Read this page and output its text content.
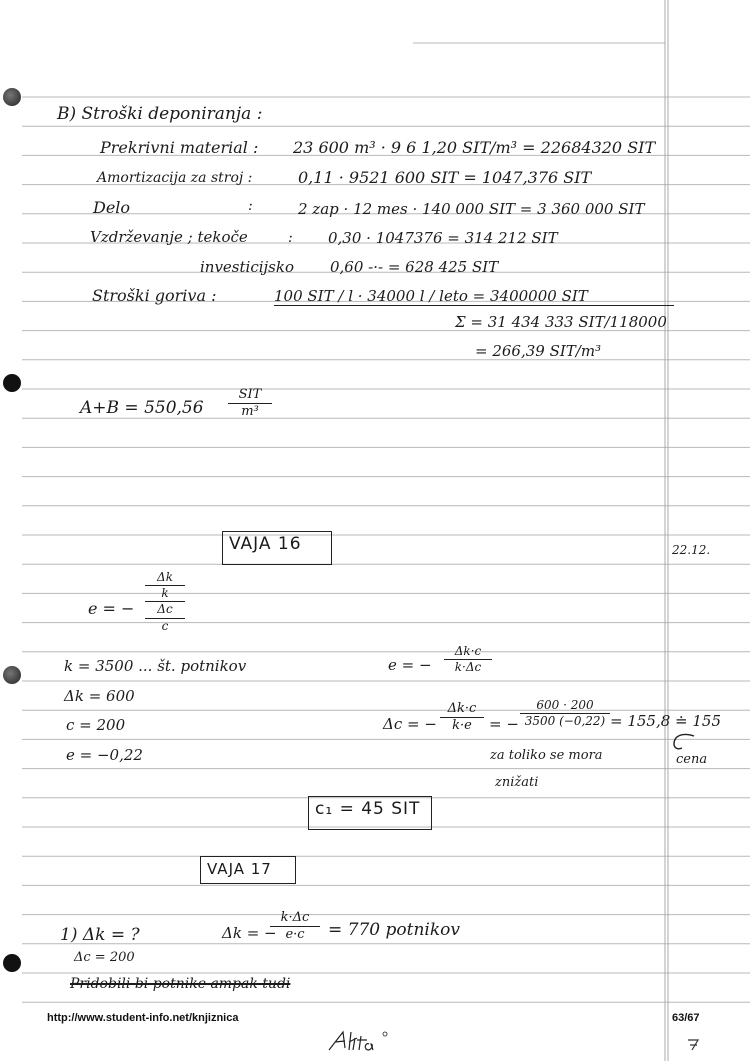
B) Stroški deponiranja :
Prekrivni material : 23 600 m³ · 9 6 1,20 SIT/m³ = 22684320 SIT
Amortizacija za stroj :	0,11 · 9521 600 SIT = 1047,376 SIT
Delo	:	2 zap · 12 mes · 140 000 SIT = 3 360 000 SIT
Vzdrževanje ; tekoče	: 0,30 · 1047376 = 314 212 SIT
investicijsko 0,60 -·- = 628 425 SIT
Stroški goriva :	100 SIT / l · 34000 l / leto = 3400000 SIT
Σ = 31 434 333 SIT/118000
= 266,39 SIT/m³
A+B = 550,56
SIT
m³
22.12.
VAJA 16
e = −
Δk
k
Δc
c
k = 3500 ... št. potnikov
Δk = 600
c = 200
e = −0,22
e = −
Δk·c
k·Δc
Δc = −
Δk·c
k·e	= −
600 · 200
3500 (−0,22) = 155,8 ≐ 155
za toliko se mora
znižati
cena
c₁ = 45 SIT
VAJA 17
1) Δk = ?	Δk = −
k·Δc
e·c	= 770 potnikov
Δc = 200
Pridobili bi potnike ampak tudi
http://www.student-info.net/knjiznica	63/67
